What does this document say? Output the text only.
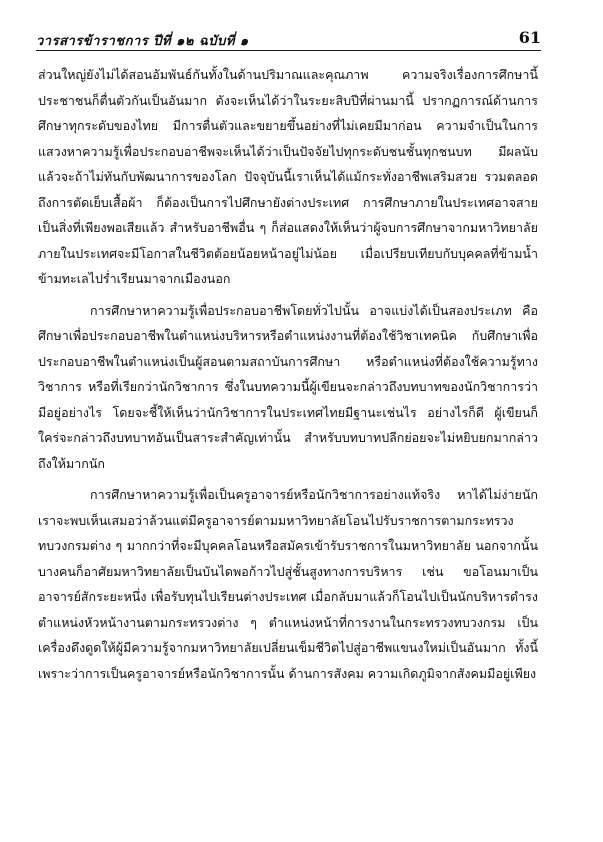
วารสารข้าราชการ ปีที่ ๑๒ ฉบับที่ ๑	61

ส่วนใหญ่ยังไม่ได้สอนอัมพันธ์กันทั้งในด้านปริมาณและคุณภาพ ความจริงเรื่องการศึกษานี้ประชาชนก็ตื่นตัวกันเป็นอันมาก ดังจะเห็นได้ว่าในระยะสิบปีที่ผ่านมานี้ ปรากฏการณ์ด้านการศึกษาทุกระดับของไทย มีการตื่นตัวและขยายขึ้นอย่างที่ไม่เคยมีมาก่อน ความจำเป็นในการแสวงหาความรู้เพื่อประกอบอาชีพจะเห็นได้ว่าเป็นปัจจัยไปทุกระดับชนชั้นทุกชนบท มีผลนับแล้วจะถ้าไม่ทันกับพัฒนาการของโลก ปัจจุบันนี้เราเห็นได้แม้กระทั่งอาชีพเสริมสวย รวมตลอดถึงการตัดเย็บเสื้อผ้า ก็ต้องเป็นการไปศึกษายังต่างประเทศ การศึกษาภายในประเทศอาจสายเป็นสิ่งที่เพียงพอเสียแล้ว สำหรับอาชีพอื่น ๆ ก็ส่อแสดงให้เห็นว่าผู้จบการศึกษาจากมหาวิทยาลัยภายในประเทศจะมีโอกาสในชีวิตต้อยน้อยหน้าอยู่ไม่น้อย เมื่อเปรียบเทียบกับบุคคลที่ข้ามน้ำข้ามทะเลไปร่ำเรียนมาจากเมืองนอก

การศึกษาหาความรู้เพื่อประกอบอาชีพโดยทั่วไปนั้น อาจแบ่งได้เป็นสองประเภท คือ ศึกษาเพื่อประกอบอาชีพในตำแหน่งบริหารหรือตำแหน่งงานที่ต้องใช้วิชาเทคนิค กับศึกษาเพื่อประกอบอาชีพในตำแหน่งเป็นผู้สอนตามสถาบันการศึกษา หรือตำแหน่งที่ต้องใช้ความรู้ทางวิชาการ หรือที่เรียกว่านักวิชาการ ซึ่งในบทความนี้ผู้เขียนจะกล่าวถึงบทบาทของนักวิชาการว่ามีอยู่อย่างไร โดยจะชี้ให้เห็นว่านักวิชาการในประเทศไทยมีฐานะเช่นไร อย่างไรก็ดี ผู้เขียนก็ใคร่จะกล่าวถึงบทบาทอันเป็นสาระสำคัญเท่านั้น สำหรับบทบาทปลีกย่อยจะไม่หยิบยกมากล่าวถึงให้มากนัก

การศึกษาหาความรู้เพื่อเป็นครูอาจารย์หรือนักวิชาการอย่างแท้จริง หาได้ไม่ง่ายนัก เราจะพบเห็นเสมอว่าล้วนแต่มีครูอาจารย์ตามมหาวิทยาลัยโอนไปรับราชการตามกระทรวงทบวงกรมต่าง ๆ มากกว่าที่จะมีบุคคลโอนหรือสมัครเข้ารับราชการในมหาวิทยาลัย นอกจากนั้น บางคนก็อาศัยมหาวิทยาลัยเป็นบันไดพอก้าวไปสู่ชั้นสูงทางการบริหาร เช่น ขอโอนมาเป็นอาจารย์สักระยะหนึ่ง เพื่อรับทุนไปเรียนต่างประเทศ เมื่อกลับมาแล้วก็โอนไปเป็นนักบริหารดำรงตำแหน่งหัวหน้างานตามกระทรวงต่าง ๆ ตำแหน่งหน้าที่การงานในกระทรวงทบวงกรม เป็นเครื่องดึงดูดให้ผู้มีความรู้จากมหาวิทยาลัยเปลี่ยนเข็มชีวิตไปสู่อาชีพแขนงใหม่เป็นอันมาก ทั้งนี้เพราะว่าการเป็นครูอาจารย์หรือนักวิชาการนั้น ด้านการสังคม ความเกิดภูมิจากสังคมมีอยู่เพียง
